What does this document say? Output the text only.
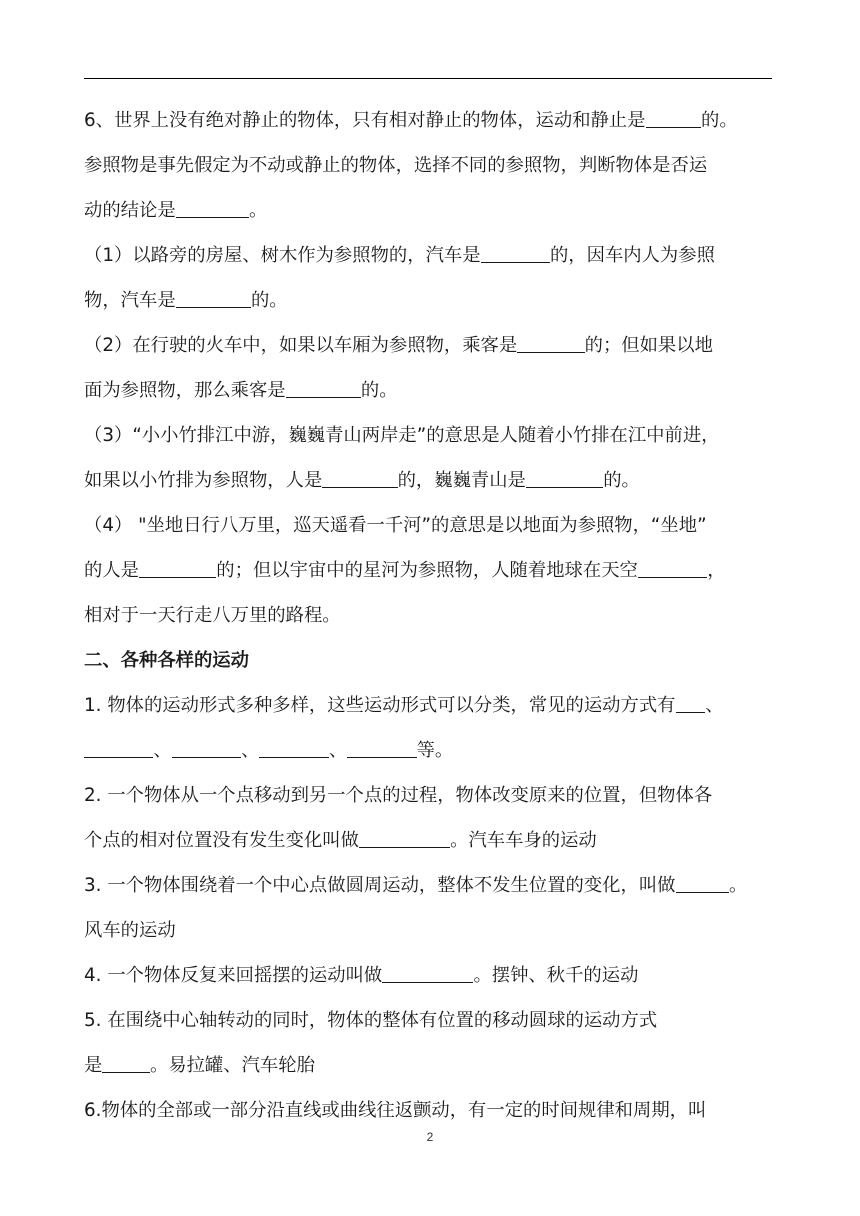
6、世界上没有绝对静止的物体，只有相对静止的物体，运动和静止是	的。
参照物是事先假定为不动或静止的物体，选择不同的参照物，判断物体是否运
动的结论是	。
（1）以路旁的房屋、树木作为参照物的，汽车是	的，因车内人为参照
物，汽车是	的。
（2）在行驶的火车中，如果以车厢为参照物，乘客是	的；但如果以地
面为参照物，那么乘客是	的。
（3）“小小竹排江中游，巍巍青山两岸走”的意思是人随着小竹排在江中前进，
如果以小竹排为参照物，人是	的，巍巍青山是	的。
（4） "坐地日行八万里，巡天遥看一千河”的意思是以地面为参照物，“坐地”
的人是	的；但以宇宙中的星河为参照物，人随着地球在天空	，
相对于一天行走八万里的路程。
二、各种各样的运动
1. 物体的运动形式多种多样，这些运动形式可以分类，常见的运动方式有 、
、	、	、	等。
2. 一个物体从一个点移动到另一个点的过程，物体改变原来的位置，但物体各
个点的相对位置没有发生变化叫做	。汽车车身的运动
3. 一个物体围绕着一个中心点做圆周运动，整体不发生位置的变化，叫做	。
风车的运动
4. 一个物体反复来回摇摆的运动叫做	。摆钟、秋千的运动
5. 在围绕中心轴转动的同时，物体的整体有位置的移动圆球的运动方式
是	。易拉罐、汽车轮胎
6.物体的全部或一部分沿直线或曲线往返颤动，有一定的时间规律和周期，叫
2
